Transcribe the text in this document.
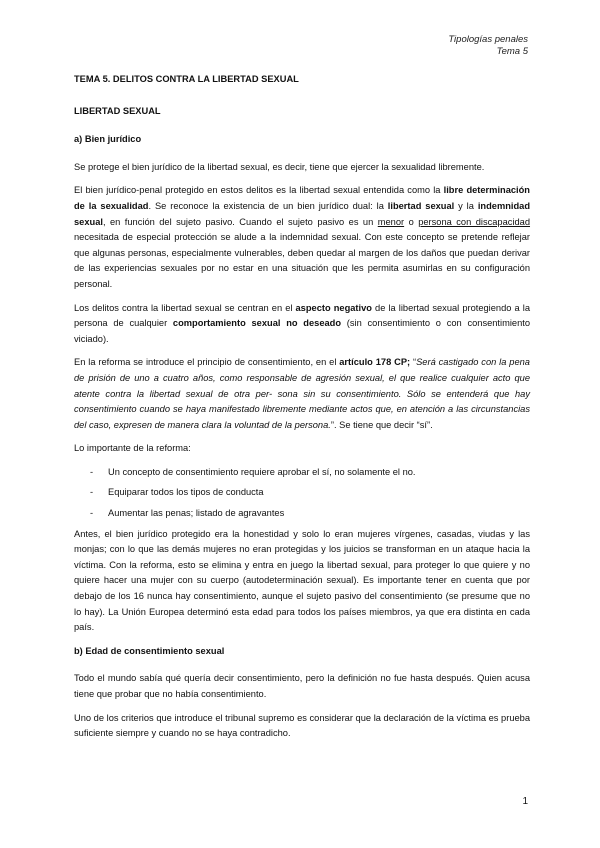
Tipologías penales
Tema 5
TEMA 5. DELITOS CONTRA LA LIBERTAD SEXUAL
LIBERTAD SEXUAL
a) Bien jurídico

Se protege el bien jurídico de la libertad sexual, es decir, tiene que ejercer la sexualidad libremente.

El bien jurídico-penal protegido en estos delitos es la libertad sexual entendida como la libre determinación de la sexualidad. Se reconoce la existencia de un bien jurídico dual: la libertad sexual y la indemnidad sexual, en función del sujeto pasivo. Cuando el sujeto pasivo es un menor o persona con discapacidad necesitada de especial protección se alude a la indemnidad sexual. Con este concepto se pretende reflejar que algunas personas, especialmente vulnerables, deben quedar al margen de los daños que puedan derivar de las experiencias sexuales por no estar en una situación que les permita asumirlas en su configuración personal.

Los delitos contra la libertad sexual se centran en el aspecto negativo de la libertad sexual protegiendo a la persona de cualquier comportamiento sexual no deseado (sin consentimiento o con consentimiento viciado).

En la reforma se introduce el principio de consentimiento, en el artículo 178 CP; “Será castigado con la pena de prisión de uno a cuatro años, como responsable de agresión sexual, el que realice cualquier acto que atente contra la libertad sexual de otra per- sona sin su consentimiento. Sólo se entenderá que hay consentimiento cuando se haya manifestado libremente mediante actos que, en atención a las circunstancias del caso, expresen de manera clara la voluntad de la persona.”. Se tiene que decir “sí”.

Lo importante de la reforma:

- Un concepto de consentimiento requiere aprobar el sí, no solamente el no.
- Equiparar todos los tipos de conducta
- Aumentar las penas; listado de agravantes

Antes, el bien jurídico protegido era la honestidad y solo lo eran mujeres vírgenes, casadas, viudas y las monjas; con lo que las demás mujeres no eran protegidas y los juicios se transforman en un ataque hacia la víctima. Con la reforma, esto se elimina y entra en juego la libertad sexual, para proteger lo que quiere y no quiere hacer una mujer con su cuerpo (autodeterminación sexual). Es importante tener en cuenta que por debajo de los 16 nunca hay consentimiento, aunque el sujeto pasivo del consentimiento (se presume que no lo hay). La Unión Europea determinó esta edad para todos los países miembros, ya que era distinta en cada país.

b) Edad de consentimiento sexual

Todo el mundo sabía qué quería decir consentimiento, pero la definición no fue hasta después. Quien acusa tiene que probar que no había consentimiento.

Uno de los criterios que introduce el tribunal supremo es considerar que la declaración de la víctima es prueba suficiente siempre y cuando no se haya contradicho.

1
